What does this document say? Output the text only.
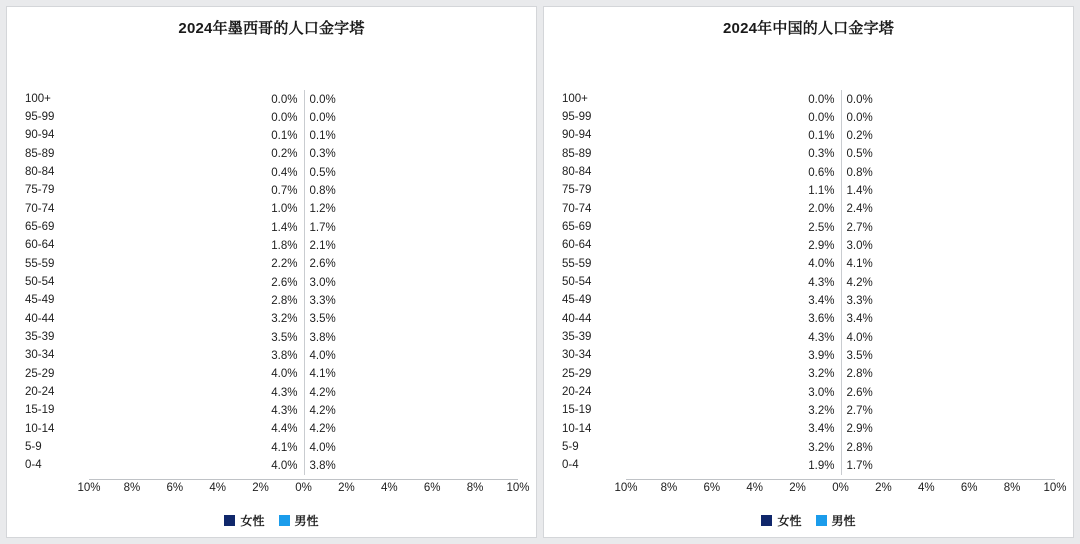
2024年墨西哥的人口金字塔
100+	0.0% 0.0%
95-99	0.0% 0.0%
90-94	0.1% 0.1%
85-89	0.2% 0.3%
80-84	0.4% 0.5%
75-79	0.7% 0.8%
70-74	1.0% 1.2%
65-69	1.4% 1.7%
60-64	1.8% 2.1%
55-59	2.2% 2.6%
50-54	2.6% 3.0%
45-49	2.8% 3.3%
40-44	3.2% 3.5%
35-39	3.5% 3.8%
30-34	3.8% 4.0%
25-29	4.0% 4.1%
20-24	4.3% 4.2%
15-19	4.3% 4.2%
10-14	4.4% 4.2%
5-9	4.1% 4.0%
0-4	4.0% 3.8%
10% 8% 6% 4% 2% 0% 2% 4% 6% 8% 10%
女性	男性
2024年中国的人口金字塔
100+	0.0% 0.0%
95-99	0.0% 0.0%
90-94	0.1% 0.2%
85-89	0.3% 0.5%
80-84	0.6% 0.8%
75-79	1.1% 1.4%
70-74	2.0% 2.4%
65-69	2.5% 2.7%
60-64	2.9% 3.0%
55-59	4.0% 4.1%
50-54	4.3% 4.2%
45-49	3.4% 3.3%
40-44	3.6% 3.4%
35-39	4.3% 4.0%
30-34	3.9% 3.5%
25-29	3.2% 2.8%
20-24	3.0% 2.6%
15-19	3.2% 2.7%
10-14	3.4% 2.9%
5-9	3.2% 2.8%
0-4	1.9% 1.7%
10% 8% 6% 4% 2% 0% 2% 4% 6% 8% 10%
女性	男性
